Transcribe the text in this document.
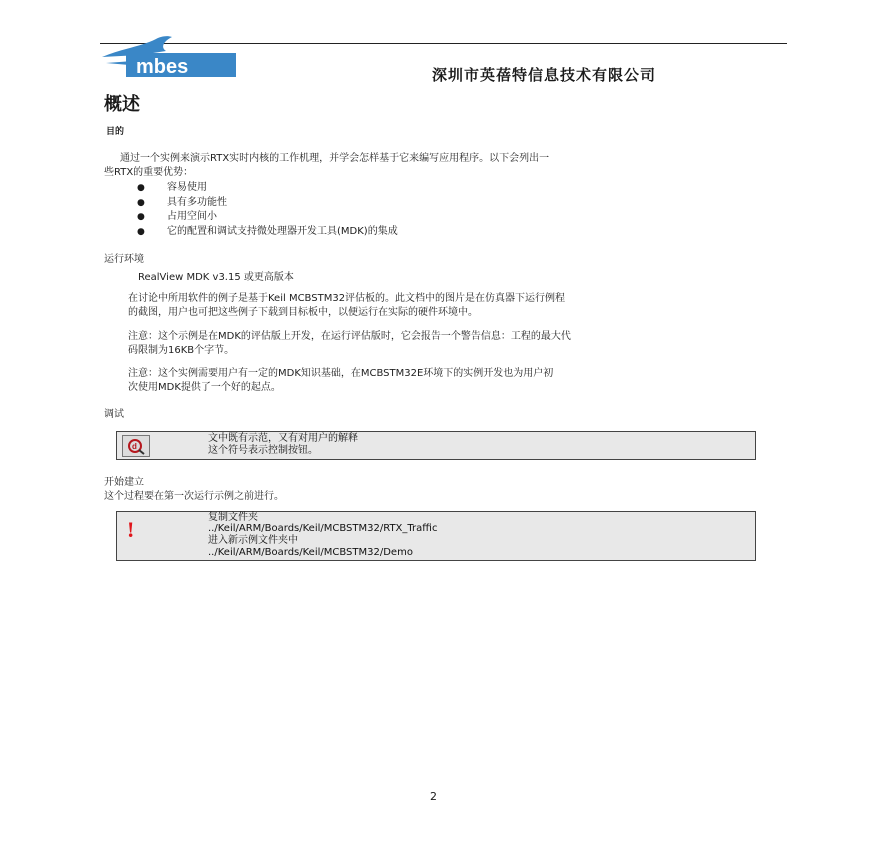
mbes	深圳市英蓓特信息技术有限公司
概述
目的
通过一个实例来演示RTX实时内核的工作机理，并学会怎样基于它来编写应用程序。以下会列出一
些RTX的重要优势：
● 容易使用
● 具有多功能性
● 占用空间小
● 它的配置和调试支持微处理器开发工具(MDK)的集成
运行环境
RealView MDK v3.15 或更高版本
在讨论中所用软件的例子是基于Keil MCBSTM32评估板的。此文档中的图片是在仿真器下运行例程
的截图，用户也可把这些例子下载到目标板中，以便运行在实际的硬件环境中。
注意：这个示例是在MDK的评估版上开发，在运行评估版时，它会报告一个警告信息：工程的最大代
码限制为16KB个字节。
注意：这个实例需要用户有一定的MDK知识基础，在MCBSTM32E环境下的实例开发也为用户初
次使用MDK提供了一个好的起点。
调试
d
文中既有示范，又有对用户的解释
这个符号表示控制按钮。
开始建立
这个过程要在第一次运行示例之前进行。
!	复制文件夹
../Keil/ARM/Boards/Keil/MCBSTM32/RTX_Traffic
进入新示例文件夹中
../Keil/ARM/Boards/Keil/MCBSTM32/Demo
2
